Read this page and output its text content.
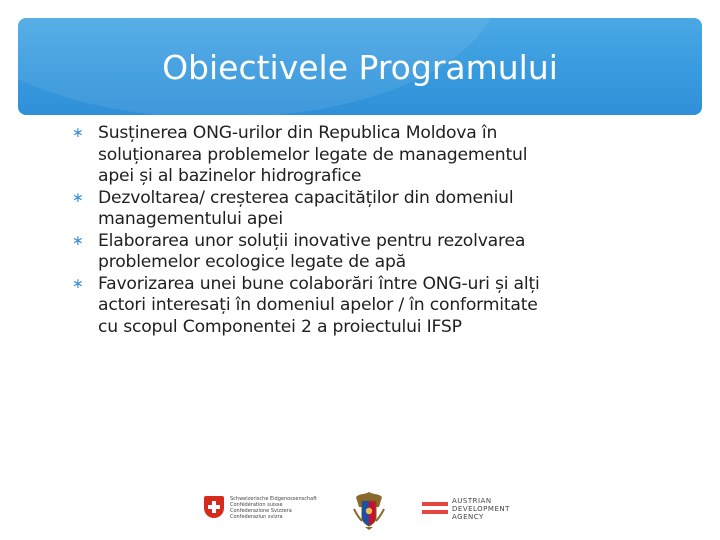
Obiectivele Programului
∗ Susținerea ONG-urilor din Republica Moldova în
soluționarea problemelor legate de managementul
apei și al bazinelor hidrografice
∗ Dezvoltarea/ creșterea capacităților din domeniul
managementului apei
∗ Elaborarea unor soluții inovative pentru rezolvarea
problemelor ecologice legate de apă
∗ Favorizarea unei bune colaborări între ONG-uri și alți
actori interesați în domeniul apelor / în conformitate
cu scopul Componentei 2 a proiectului IFSP
Schweizerische Eidgenossenschaft
Confédération suisse
Confederazione Svizzera
Confederaziun svizra
AUSTRIAN
DEVELOPMENT
AGENCY
